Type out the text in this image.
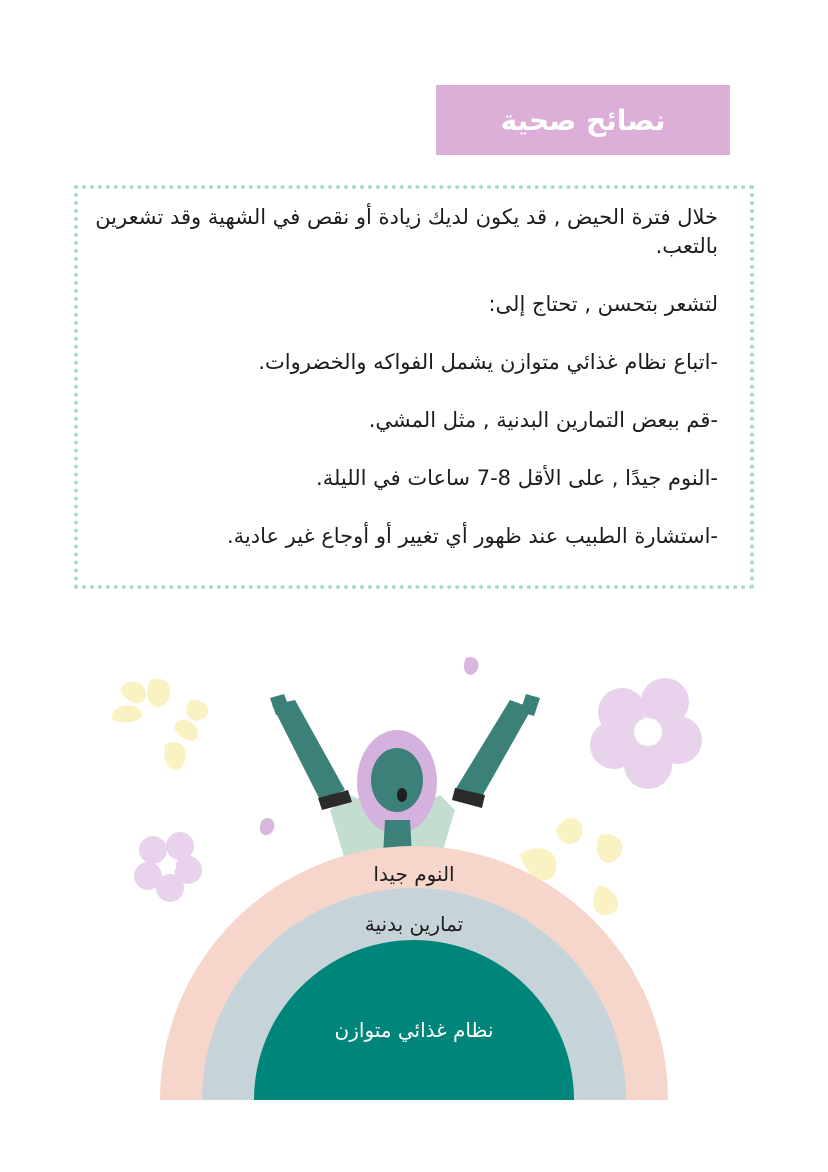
نصائح صحية
خلال فترة الحيض , قد يكون لديك زيادة أو نقص في الشهية وقد تشعرين بالتعب.
لتشعر بتحسن , تحتاج إلى:
-اتباع نظام غذائي متوازن يشمل الفواكه والخضروات.
-قم ببعض التمارين البدنية , مثل المشي.
-النوم جيدًا , على الأقل 8-7 ساعات في الليلة.
-استشارة الطبيب عند ظهور أي تغيير أو أوجاع غير عادية.
النوم جيدا
تمارين بدنية
نظام غذائي متوازن
